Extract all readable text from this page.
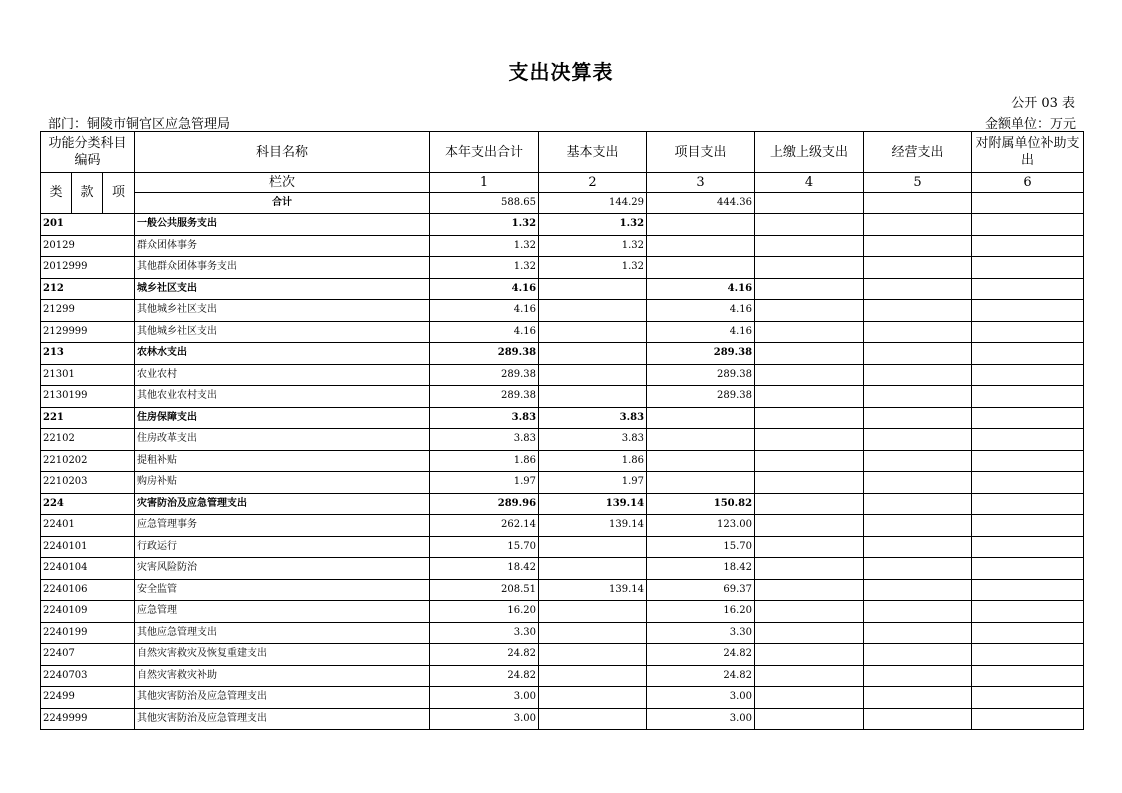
支出决算表
公开 03 表
部门：铜陵市铜官区应急管理局	金额单位：万元
功能分类科目编码			科目名称	本年支出合计	基本支出	项目支出	上缴上级支出	经营支出	对附属单位补助支出
类	款	项	栏次	1	2	3	4	5	6
			合计	588.65	144.29	444.36			
201			一般公共服务支出	1.32	1.32				
20129			群众团体事务	1.32	1.32				
2012999			其他群众团体事务支出	1.32	1.32				
212			城乡社区支出	4.16		4.16			
21299			其他城乡社区支出	4.16		4.16			
2129999			其他城乡社区支出	4.16		4.16			
213			农林水支出	289.38		289.38			
21301			农业农村	289.38		289.38			
2130199			其他农业农村支出	289.38		289.38			
221			住房保障支出	3.83	3.83				
22102			住房改革支出	3.83	3.83				
2210202			提租补贴	1.86	1.86				
2210203			购房补贴	1.97	1.97				
224			灾害防治及应急管理支出	289.96	139.14	150.82			
22401			应急管理事务	262.14	139.14	123.00			
2240101			行政运行	15.70		15.70			
2240104			灾害风险防治	18.42		18.42			
2240106			安全监管	208.51	139.14	69.37			
2240109			应急管理	16.20		16.20			
2240199			其他应急管理支出	3.30		3.30			
22407			自然灾害救灾及恢复重建支出	24.82		24.82			
2240703			自然灾害救灾补助	24.82		24.82			
22499			其他灾害防治及应急管理支出	3.00		3.00			
2249999			其他灾害防治及应急管理支出	3.00		3.00			
